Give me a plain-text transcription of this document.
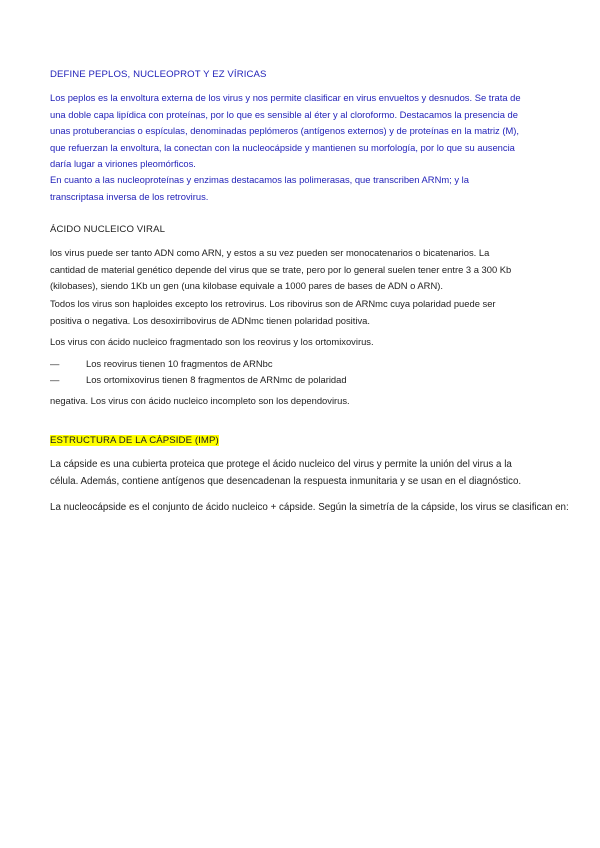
DEFINE PEPLOS, NUCLEOPROT Y EZ VÍRICAS

Los peplos es la envoltura externa de los virus y nos permite clasificar en virus envueltos y desnudos. Se trata de una doble capa lipídica con proteínas, por lo que es sensible al éter y al cloroformo. Destacamos la presencia de unas protuberancias o espículas, denominadas peplómeros (antígenos externos) y de proteínas en la matriz (M), que refuerzan la envoltura, la conectan con la nucleocápside y mantienen su morfología, por lo que su ausencia daría lugar a viriones pleomórficos.

En cuanto a las nucleoproteínas y enzimas destacamos las polimerasas, que transcriben ARNm; y la transcriptasa inversa de los retrovirus.

ÁCIDO NUCLEICO VIRAL

los virus puede ser tanto ADN como ARN, y estos a su vez pueden ser monocatenarios o bicatenarios. La cantidad de material genético depende del virus que se trate, pero por lo general suelen tener entre 3 a 300 Kb (kilobases), siendo 1Kb un gen (una kilobase equivale a 1000 pares de bases de ADN o ARN).

Todos los virus son haploides excepto los retrovirus. Los ribovirus son de ARNmc cuya polaridad puede ser positiva o negativa. Los desoxirribovirus de ADNmc tienen polaridad positiva.

Los virus con ácido nucleico fragmentado son los reovirus y los ortomixovirus.

—	Los reovirus tienen 10 fragmentos de ARNbc
—	Los ortomixovirus tienen 8 fragmentos de ARNmc de polaridad

negativa. Los virus con ácido nucleico incompleto son los dependovirus.

ESTRUCTURA DE LA CÁPSIDE (IMP)

La cápside es una cubierta proteica que protege el ácido nucleico del virus y permite la unión del virus a la célula. Además, contiene antígenos que desencadenan la respuesta inmunitaria y se usan en el diagnóstico.

La nucleocápside es el conjunto de ácido nucleico + cápside. Según la simetría de la cápside, los virus se clasifican en:
